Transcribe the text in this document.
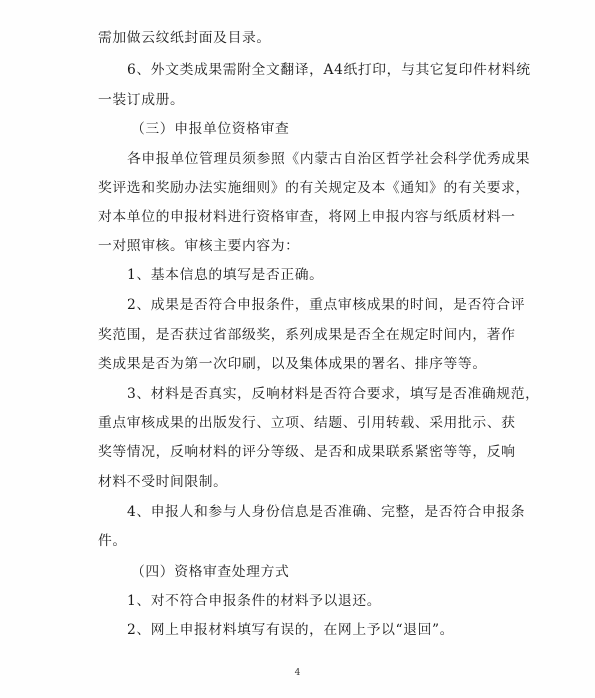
需加做云纹纸封面及目录。
6、外文类成果需附全文翻译，A4纸打印，与其它复印件材料统
一装订成册。
（三）申报单位资格审查
各申报单位管理员须参照《内蒙古自治区哲学社会科学优秀成果
奖评选和奖励办法实施细则》的有关规定及本《通知》的有关要求，
对本单位的申报材料进行资格审查，将网上申报内容与纸质材料一
一对照审核。审核主要内容为：
1、基本信息的填写是否正确。
2、成果是否符合申报条件，重点审核成果的时间，是否符合评
奖范围，是否获过省部级奖，系列成果是否全在规定时间内，著作
类成果是否为第一次印刷，以及集体成果的署名、排序等等。
3、材料是否真实，反响材料是否符合要求，填写是否准确规范，
重点审核成果的出版发行、立项、结题、引用转载、采用批示、获
奖等情况，反响材料的评分等级、是否和成果联系紧密等等，反响
材料不受时间限制。
4、申报人和参与人身份信息是否准确、完整，是否符合申报条
件。
（四）资格审查处理方式
1、对不符合申报条件的材料予以退还。
2、网上申报材料填写有误的，在网上予以“退回”。
4
